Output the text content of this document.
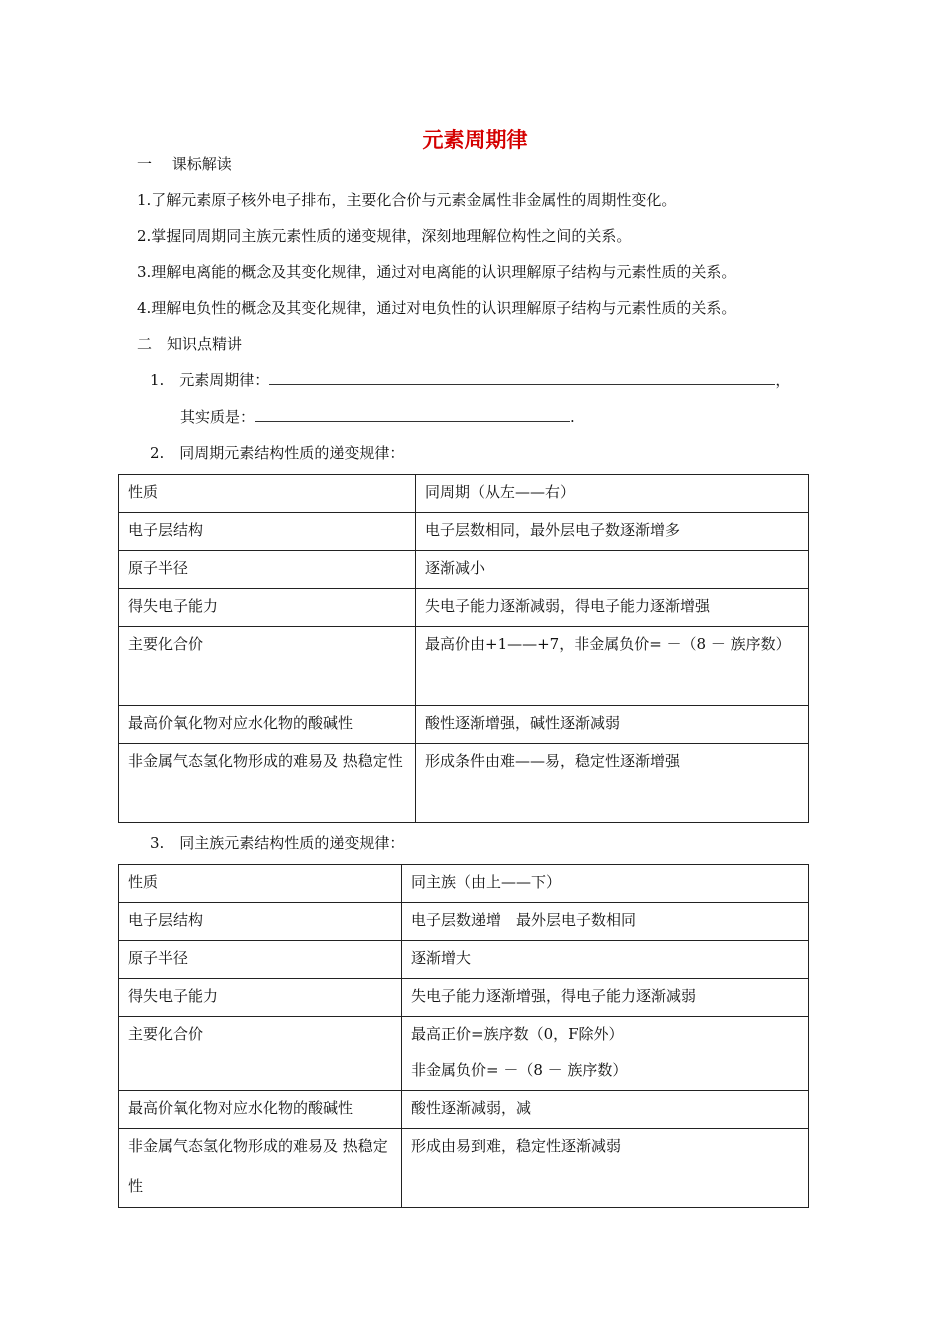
元素周期律
一　 课标解读
1.了解元素原子核外电子排布，主要化合价与元素金属性非金属性的周期性变化。
2.掌握同周期同主族元素性质的递变规律，深刻地理解位构性之间的关系。
3.理解电离能的概念及其变化规律，通过对电离能的认识理解原子结构与元素性质的关系。
4.理解电负性的概念及其变化规律，通过对电负性的认识理解原子结构与元素性质的关系。
二　知识点精讲
1.　元素周期律：	，
其实质是：	.
2.　同周期元素结构性质的递变规律：
性质	同周期（从左——右）
电子层结构	电子层数相同，最外层电子数逐渐增多
原子半径	逐渐减小
得失电子能力	失电子能力逐渐减弱，得电子能力逐渐增强
主要化合价	最高价由+1——+7，非金属负价= －（8 － 族序数）

最高价氧化物对应水化物的酸碱性	酸性逐渐增强，碱性逐渐减弱

非金属气态氢化物形成的难易及 热稳定性	形成条件由难——易，稳定性逐渐增强
3.　同主族元素结构性质的递变规律：
性质	同主族（由上——下）
电子层结构	电子层数递增　最外层电子数相同
原子半径	逐渐增大
得失电子能力	失电子能力逐渐增强，得电子能力逐渐减弱
主要化合价	最高正价=族序数（0，F除外）
非金属负价= －（8 － 族序数）

最高价氧化物对应水化物的酸碱性	酸性逐渐减弱，减

非金属气态氢化物形成的难易及 热稳定性	形成由易到难，稳定性逐渐减弱
